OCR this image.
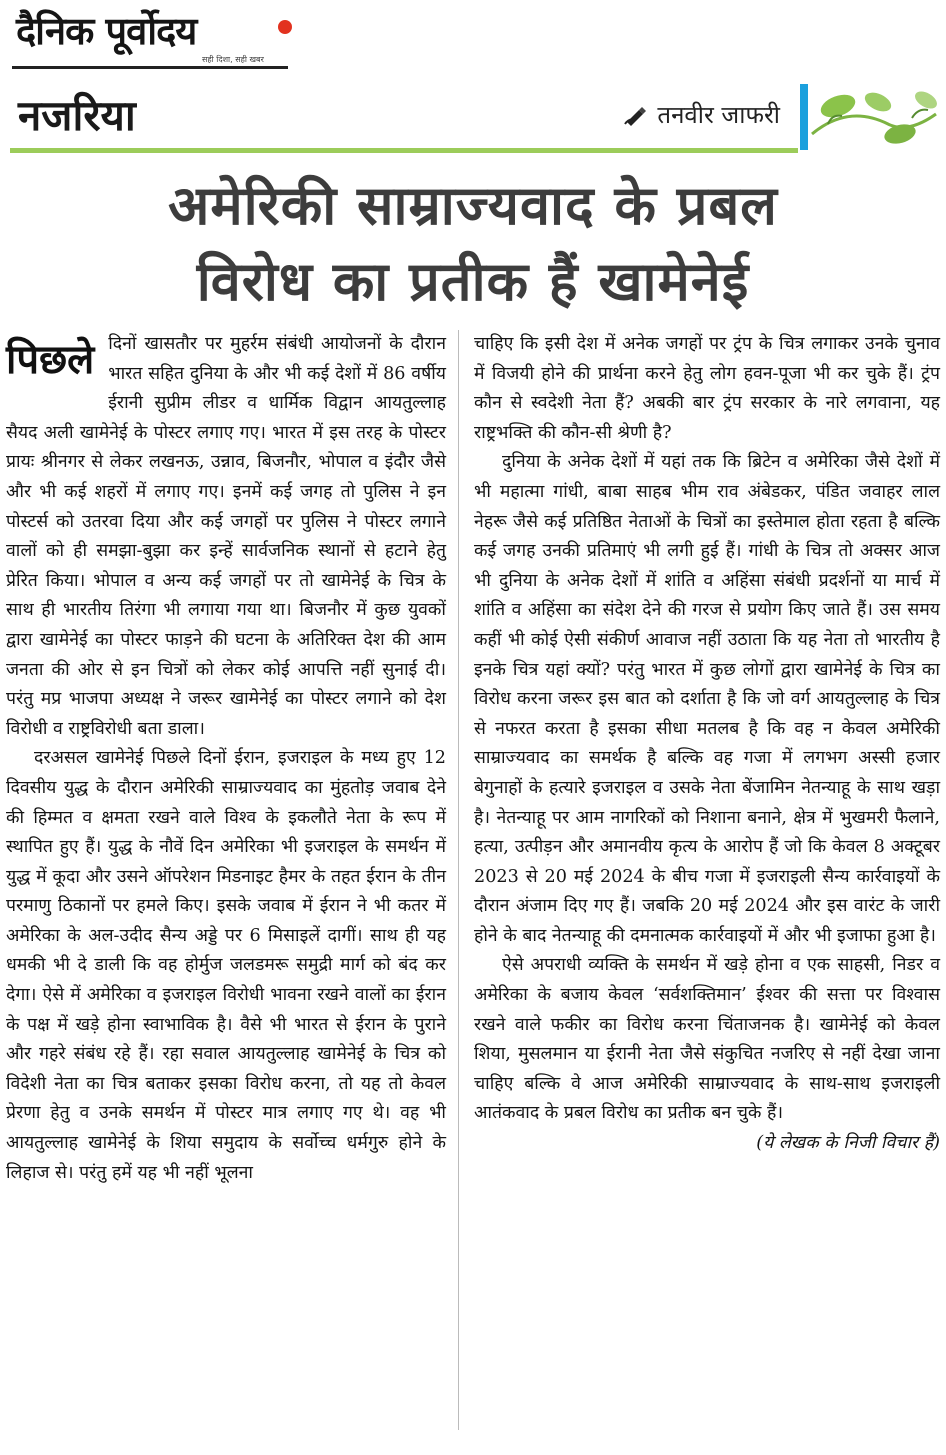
दैनिक पूर्वोदय
सही दिशा, सही खबर
नजरिया	तनवीर जाफरी
अमेरिकी साम्राज्यवाद के प्रबल
विरोध का प्रतीक हैं खामेनेई

पिछले दिनों खासतौर पर मुहर्रम संबंधी आयोजनों के दौरान भारत सहित दुनिया के और भी कई देशों में 86 वर्षीय ईरानी सुप्रीम लीडर व धार्मिक विद्वान आयतुल्लाह सैयद अली खामेनेई के पोस्टर लगाए गए। भारत में इस तरह के पोस्टर प्रायः श्रीनगर से लेकर लखनऊ, उन्नाव, बिजनौर, भोपाल व इंदौर जैसे और भी कई शहरों में लगाए गए। इनमें कई जगह तो पुलिस ने इन पोस्टर्स को उतरवा दिया और कई जगहों पर पुलिस ने पोस्टर लगाने वालों को ही समझा-बुझा कर इन्हें सार्वजनिक स्थानों से हटाने हेतु प्रेरित किया। भोपाल व अन्य कई जगहों पर तो खामेनेई के चित्र के साथ ही भारतीय तिरंगा भी लगाया गया था। बिजनौर में कुछ युवकों द्वारा खामेनेई का पोस्टर फाड़ने की घटना के अतिरिक्त देश की आम जनता की ओर से इन चित्रों को लेकर कोई आपत्ति नहीं सुनाई दी। परंतु मप्र भाजपा अध्यक्ष ने जरूर खामेनेई का पोस्टर लगाने को देश विरोधी व राष्ट्रविरोधी बता डाला।

दरअसल खामेनेई पिछले दिनों ईरान, इजराइल के मध्य हुए 12 दिवसीय युद्ध के दौरान अमेरिकी साम्राज्यवाद का मुंहतोड़ जवाब देने की हिम्मत व क्षमता रखने वाले विश्व के इकलौते नेता के रूप में स्थापित हुए हैं। युद्ध के नौवें दिन अमेरिका भी इजराइल के समर्थन में युद्ध में कूदा और उसने ऑपरेशन मिडनाइट हैमर के तहत ईरान के तीन परमाणु ठिकानों पर हमले किए। इसके जवाब में ईरान ने भी कतर में अमेरिका के अल-उदीद सैन्य अड्डे पर 6 मिसाइलें दागीं। साथ ही यह धमकी भी दे डाली कि वह होर्मुज जलडमरू समुद्री मार्ग को बंद कर देगा। ऐसे में अमेरिका व इजराइल विरोधी भावना रखने वालों का ईरान के पक्ष में खड़े होना स्वाभाविक है। वैसे भी भारत से ईरान के पुराने और गहरे संबंध रहे हैं। रहा सवाल आयतुल्लाह खामेनेई के चित्र को विदेशी नेता का चित्र बताकर इसका विरोध करना, तो यह तो केवल प्रेरणा हेतु व उनके समर्थन में पोस्टर मात्र लगाए गए थे। वह भी आयतुल्लाह खामेनेई के शिया समुदाय के सर्वोच्च धर्मगुरु होने के लिहाज से। परंतु हमें यह भी नहीं भूलना

चाहिए कि इसी देश में अनेक जगहों पर ट्रंप के चित्र लगाकर उनके चुनाव में विजयी होने की प्रार्थना करने हेतु लोग हवन-पूजा भी कर चुके हैं। ट्रंप कौन से स्वदेशी नेता हैं? अबकी बार ट्रंप सरकार के नारे लगवाना, यह राष्ट्रभक्ति की कौन-सी श्रेणी है?

दुनिया के अनेक देशों में यहां तक कि ब्रिटेन व अमेरिका जैसे देशों में भी महात्मा गांधी, बाबा साहब भीम राव अंबेडकर, पंडित जवाहर लाल नेहरू जैसे कई प्रतिष्ठित नेताओं के चित्रों का इस्तेमाल होता रहता है बल्कि कई जगह उनकी प्रतिमाएं भी लगी हुई हैं। गांधी के चित्र तो अक्सर आज भी दुनिया के अनेक देशों में शांति व अहिंसा संबंधी प्रदर्शनों या मार्च में शांति व अहिंसा का संदेश देने की गरज से प्रयोग किए जाते हैं। उस समय कहीं भी कोई ऐसी संकीर्ण आवाज नहीं उठाता कि यह नेता तो भारतीय है इनके चित्र यहां क्यों? परंतु भारत में कुछ लोगों द्वारा खामेनेई के चित्र का विरोध करना जरूर इस बात को दर्शाता है कि जो वर्ग आयतुल्लाह के चित्र से नफरत करता है इसका सीधा मतलब है कि वह न केवल अमेरिकी साम्राज्यवाद का समर्थक है बल्कि वह गजा में लगभग अस्सी हजार बेगुनाहों के हत्यारे इजराइल व उसके नेता बेंजामिन नेतन्याहू के साथ खड़ा है। नेतन्याहू पर आम नागरिकों को निशाना बनाने, क्षेत्र में भुखमरी फैलाने, हत्या, उत्पीड़न और अमानवीय कृत्य के आरोप हैं जो कि केवल 8 अक्टूबर 2023 से 20 मई 2024 के बीच गजा में इजराइली सैन्य कार्रवाइयों के दौरान अंजाम दिए गए हैं। जबकि 20 मई 2024 और इस वारंट के जारी होने के बाद नेतन्याहू की दमनात्मक कार्रवाइयों में और भी इजाफा हुआ है।

ऐसे अपराधी व्यक्ति के समर्थन में खड़े होना व एक साहसी, निडर व अमेरिका के बजाय केवल ‘सर्वशक्तिमान’ ईश्वर की सत्ता पर विश्वास रखने वाले फकीर का विरोध करना चिंताजनक है। खामेनेई को केवल शिया, मुसलमान या ईरानी नेता जैसे संकुचित नजरिए से नहीं देखा जाना चाहिए बल्कि वे आज अमेरिकी साम्राज्यवाद के साथ-साथ इजराइली आतंकवाद के प्रबल विरोध का प्रतीक बन चुके हैं।

(ये लेखक के निजी विचार हैं)
